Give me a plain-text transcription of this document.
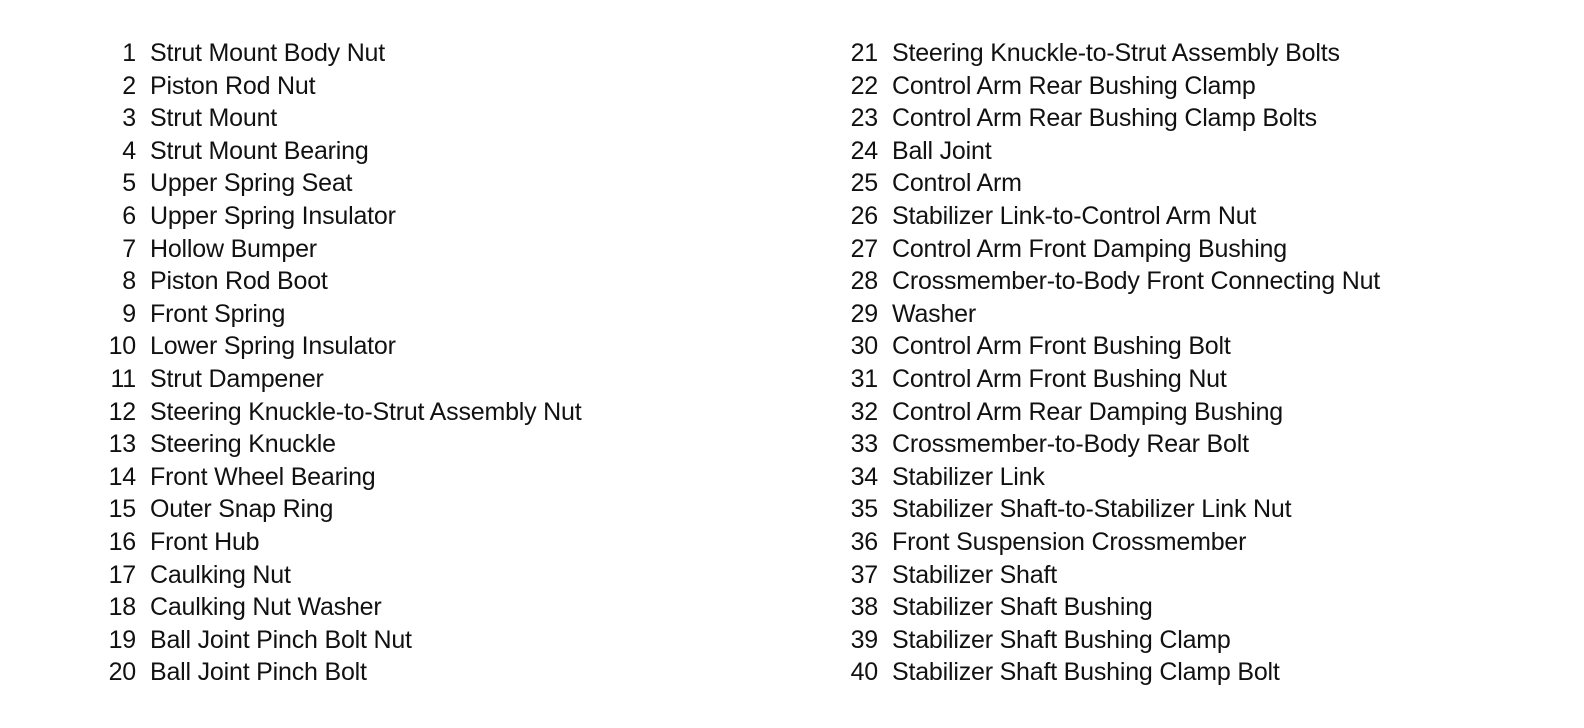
1 Strut Mount Body Nut
2 Piston Rod Nut
3 Strut Mount
4 Strut Mount Bearing
5 Upper Spring Seat
6 Upper Spring Insulator
7 Hollow Bumper
8 Piston Rod Boot
9 Front Spring
10 Lower Spring Insulator
11 Strut Dampener
12 Steering Knuckle-to-Strut Assembly Nut
13 Steering Knuckle
14 Front Wheel Bearing
15 Outer Snap Ring
16 Front Hub
17 Caulking Nut
18 Caulking Nut Washer
19 Ball Joint Pinch Bolt Nut
20 Ball Joint Pinch Bolt
21 Steering Knuckle-to-Strut Assembly Bolts
22 Control Arm Rear Bushing Clamp
23 Control Arm Rear Bushing Clamp Bolts
24 Ball Joint
25 Control Arm
26 Stabilizer Link-to-Control Arm Nut
27 Control Arm Front Damping Bushing
28 Crossmember-to-Body Front Connecting Nut
29 Washer
30 Control Arm Front Bushing Bolt
31 Control Arm Front Bushing Nut
32 Control Arm Rear Damping Bushing
33 Crossmember-to-Body Rear Bolt
34 Stabilizer Link
35 Stabilizer Shaft-to-Stabilizer Link Nut
36 Front Suspension Crossmember
37 Stabilizer Shaft
38 Stabilizer Shaft Bushing
39 Stabilizer Shaft Bushing Clamp
40 Stabilizer Shaft Bushing Clamp Bolt
